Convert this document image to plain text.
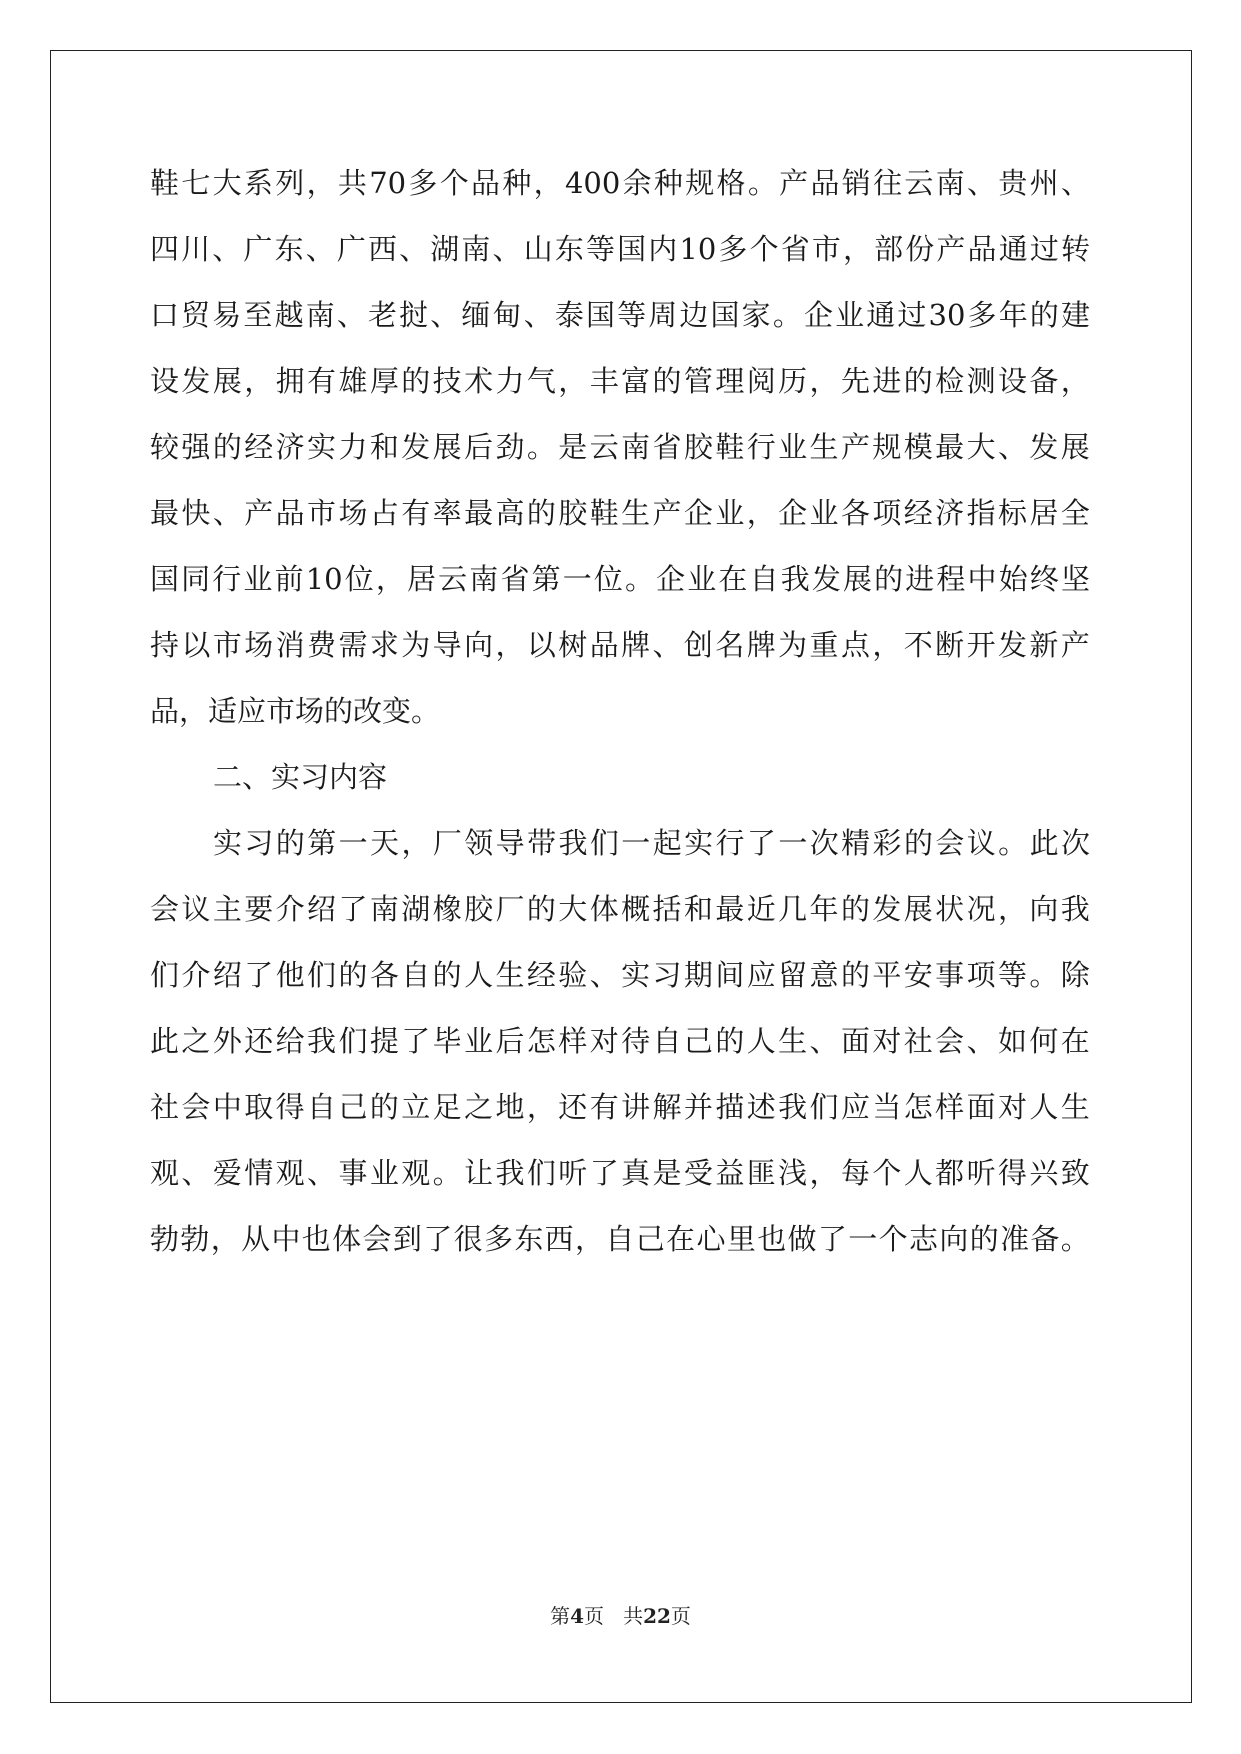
鞋 七 大 系 列 ， 共 70 多 个 品 种 ， 400 余 种 规 格 。 产 品 销 往 云 南 、 贵 州 、
四 川 、 广 东 、 广 西 、 湖 南 、 山 东 等 国 内 10 多 个 省 市 ， 部 份 产 品 通 过 转
口 贸 易 至 越 南 、 老 挝 、 缅 甸 、 泰 国 等 周 边 国 家 。 企 业 通 过 30 多 年 的 建
设 发 展 ， 拥 有 雄 厚 的 技 术 力 气 ， 丰 富 的 管 理 阅 历 ， 先 进 的 检 测 设 备 ，
较 强 的 经 济 实 力 和 发 展 后 劲 。 是 云 南 省 胶 鞋 行 业 生 产 规 模 最 大 、 发 展
最 快 、 产 品 市 场 占 有 率 最 高 的 胶 鞋 生 产 企 业 ， 企 业 各 项 经 济 指 标 居 全
国 同 行 业 前 10 位 ， 居 云 南 省 第 一 位 。 企 业 在 自 我 发 展 的 进 程 中 始 终 坚
持 以 市 场 消 费 需 求 为 导 向 ， 以 树 品 牌 、 创 名 牌 为 重 点 ， 不 断 开 发 新 产
品，适应市场的改变。
二、实习内容
实 习 的 第 一 天 ， 厂 领 导 带 我 们 一 起 实 行 了 一 次 精 彩 的 会 议 。 此 次
会 议 主 要 介 绍 了 南 湖 橡 胶 厂 的 大 体 概 括 和 最 近 几 年 的 发 展 状 况 ， 向 我
们 介 绍 了 他 们 的 各 自 的 人 生 经 验 、 实 习 期 间 应 留 意 的 平 安 事 项 等 。 除
此 之 外 还 给 我 们 提 了 毕 业 后 怎 样 对 待 自 己 的 人 生 、 面 对 社 会 、 如 何 在
社 会 中 取 得 自 己 的 立 足 之 地 ， 还 有 讲 解 并 描 述 我 们 应 当 怎 样 面 对 人 生
观 、 爱 情 观 、 事 业 观 。 让 我 们 听 了 真 是 受 益 匪 浅 ， 每 个 人 都 听 得 兴 致
勃 勃 ， 从 中 也 体 会 到 了 很 多 东 西 ， 自 己 在 心 里 也 做 了 一 个 志 向 的 准 备 。
第4页 共22页
